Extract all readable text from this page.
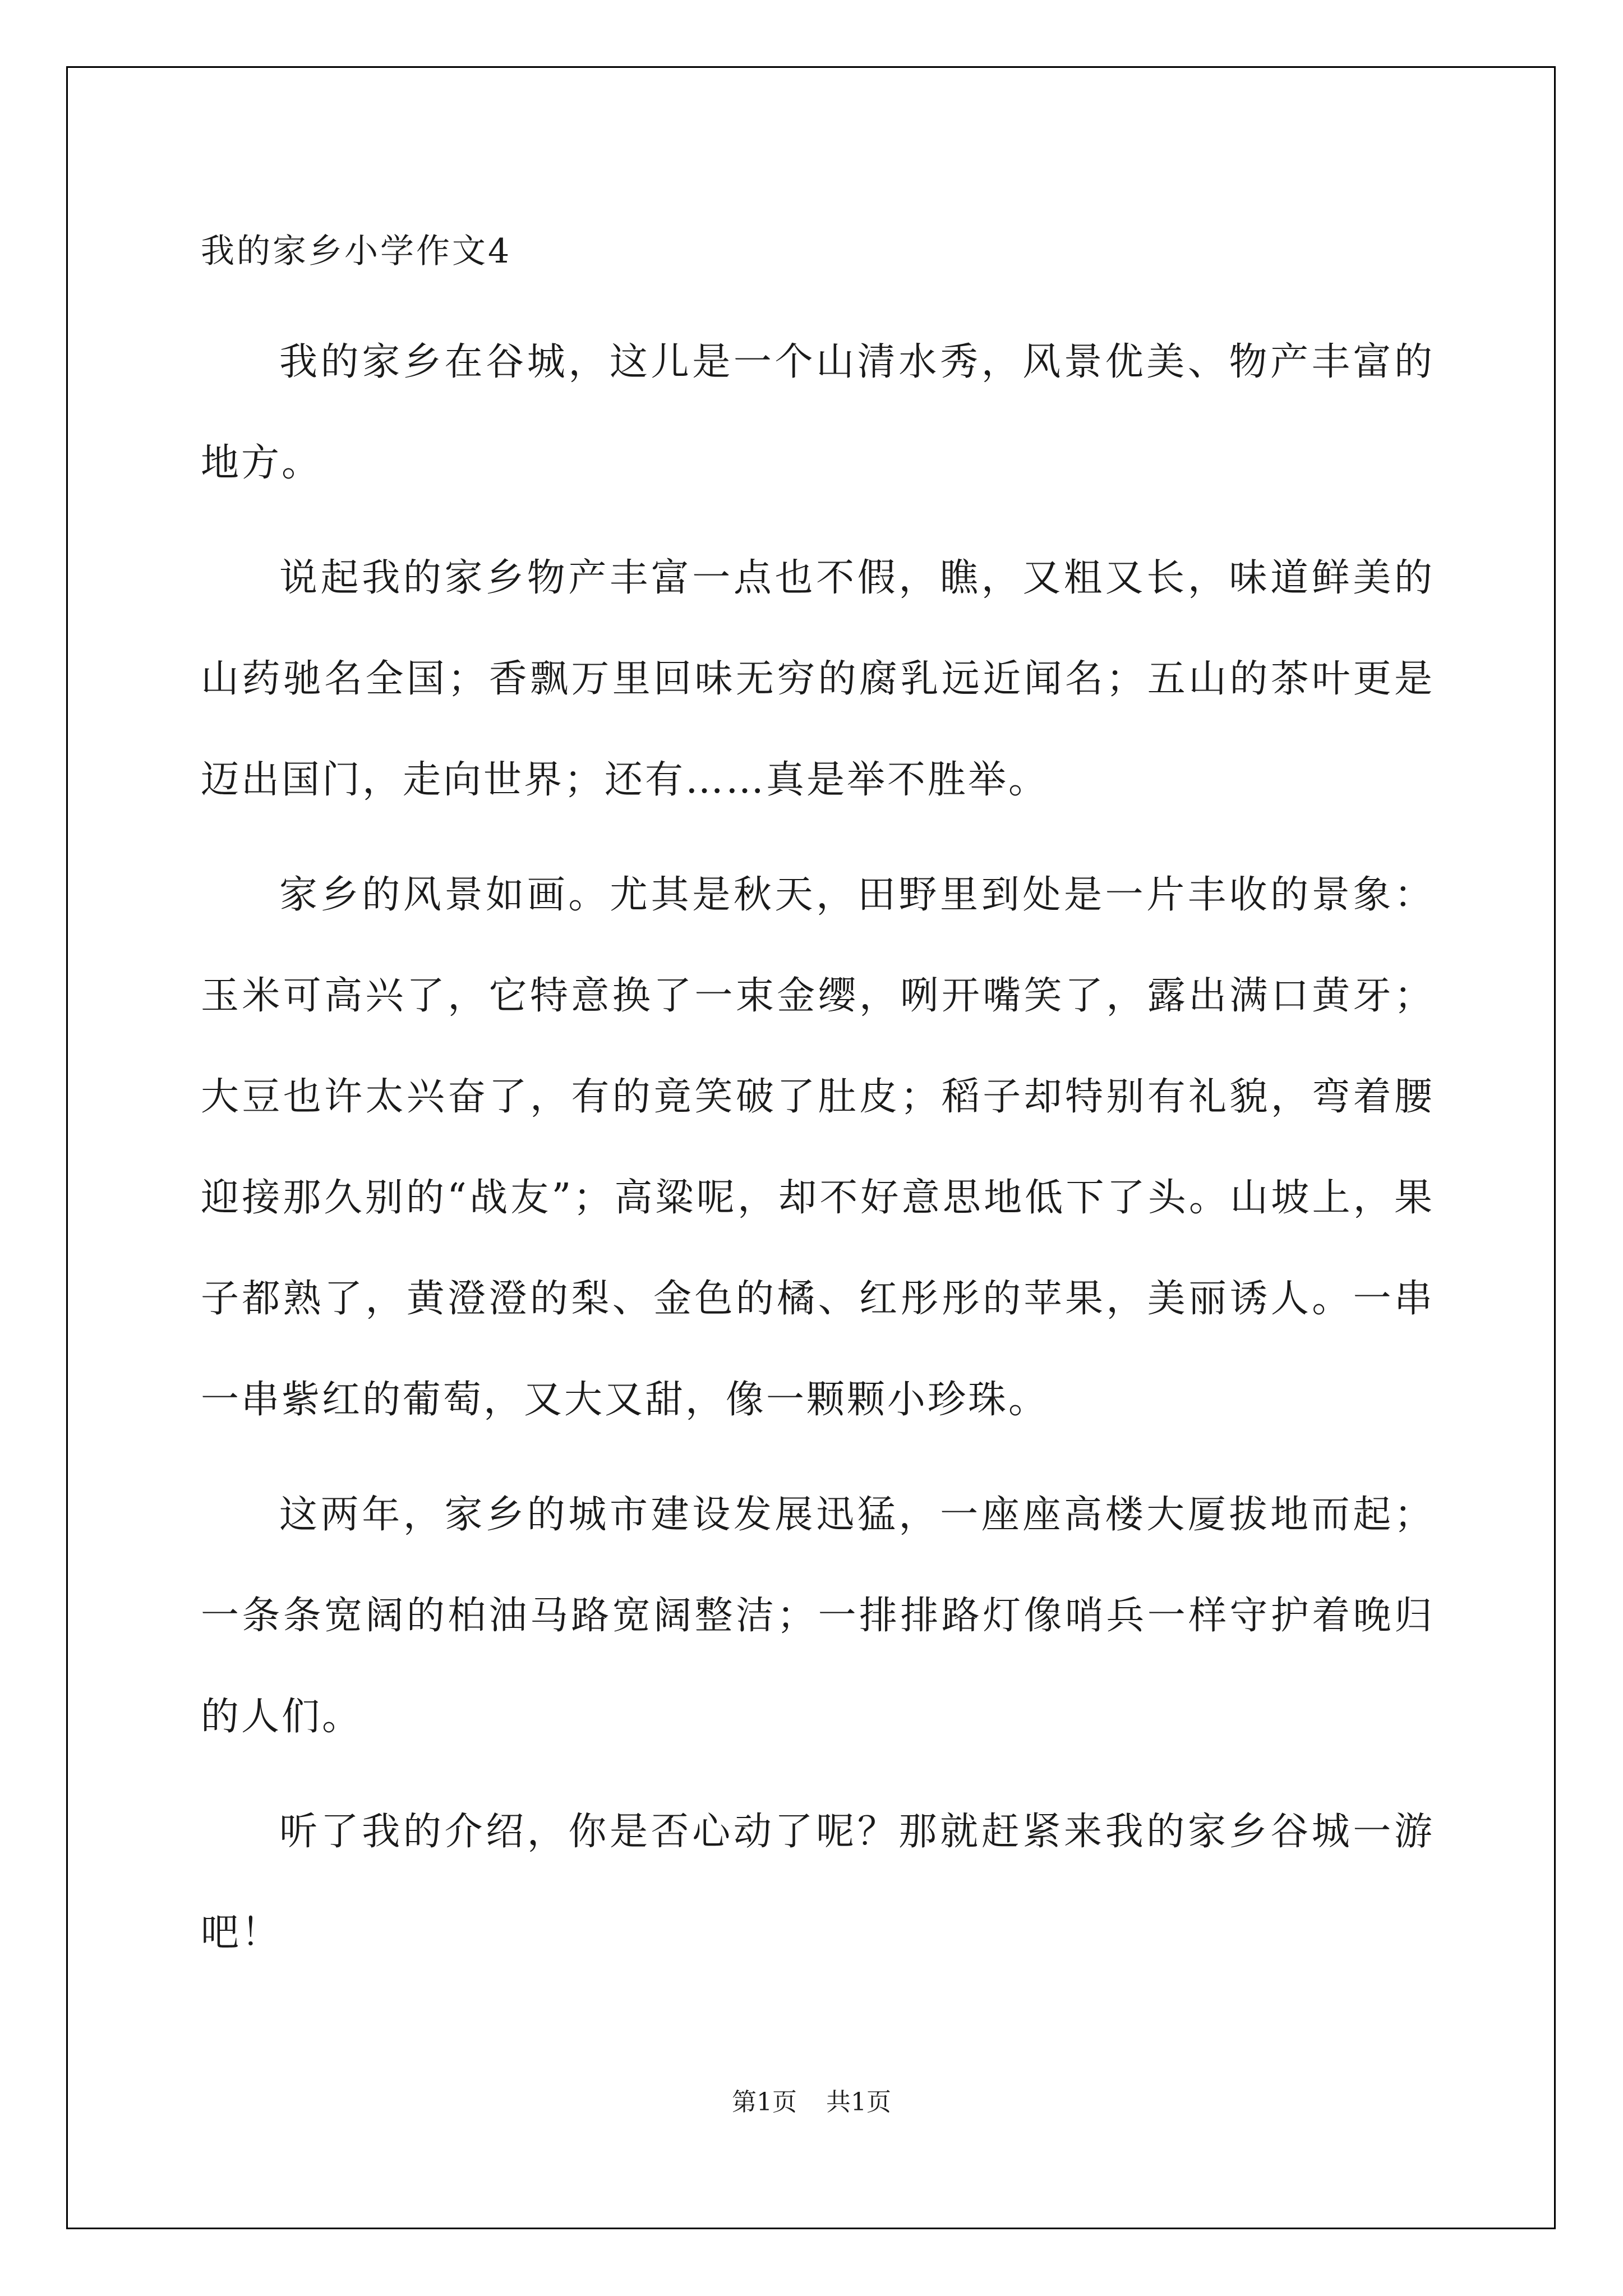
我的家乡小学作文4

我的家乡在谷城，这儿是一个山清水秀，风景优美、物产丰富的地方。

说起我的家乡物产丰富一点也不假，瞧，又粗又长，味道鲜美的山药驰名全国；香飘万里回味无穷的腐乳远近闻名；五山的茶叶更是迈出国门，走向世界；还有……真是举不胜举。

家乡的风景如画。尤其是秋天，田野里到处是一片丰收的景象：玉米可高兴了，它特意换了一束金缨，咧开嘴笑了，露出满口黄牙；大豆也许太兴奋了，有的竟笑破了肚皮；稻子却特别有礼貌，弯着腰迎接那久别的“战友”；高粱呢，却不好意思地低下了头。山坡上，果子都熟了，黄澄澄的梨、金色的橘、红彤彤的苹果，美丽诱人。一串一串紫红的葡萄，又大又甜，像一颗颗小珍珠。

这两年，家乡的城市建设发展迅猛，一座座高楼大厦拔地而起；一条条宽阔的柏油马路宽阔整洁；一排排路灯像哨兵一样守护着晚归的人们。

听了我的介绍，你是否心动了呢？那就赶紧来我的家乡谷城一游吧！

第1页 共1页
